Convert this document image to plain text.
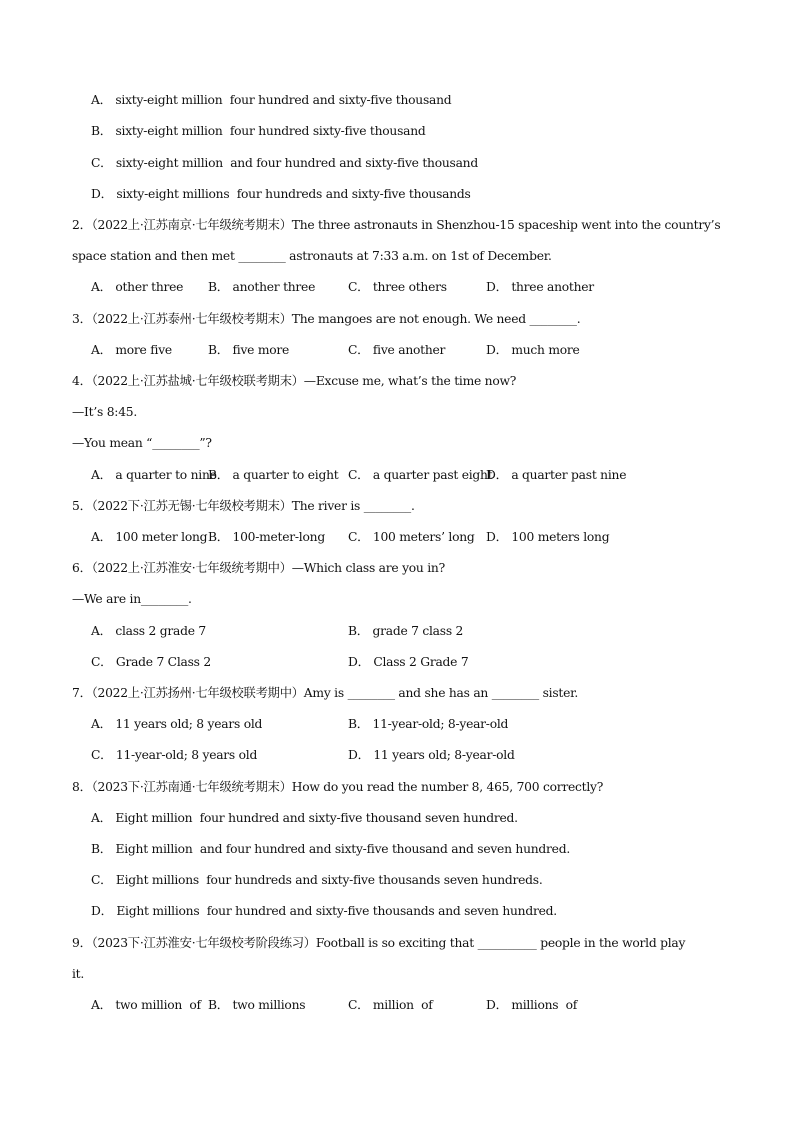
A． sixty-eight million  four hundred and sixty-five thousand
B． sixty-eight million  four hundred sixty-five thousand
C． sixty-eight million  and four hundred and sixty-five thousand
D． sixty-eight millions  four hundreds and sixty-five thousands
2．（2022上·江苏南京·七年级统考期末）The three astronauts in Shenzhou-15 spaceship went into the country’s
space station and then met ________ astronauts at 7:33 a.m. on 1st of December.
A． other three B． another three	C． three others	D． three another
3．（2022上·江苏泰州·七年级校考期末）The mangoes are not enough. We need ________.
A． more five	B． five more	C． five another	D． much more
4．（2022上·江苏盐城·七年级校联考期末）—Excuse me, what’s the time now?
—It’s 8:45.
—You mean “________”?
A． a quarter to nine
B． a quarter to eight C． a quarter past eight
D． a quarter past nine
5．（2022下·江苏无锡·七年级校考期末）The river is ________.
A． 100 meter long B． 100-meter-long C． 100 meters’ long D． 100 meters long
6．（2022上·江苏淮安·七年级统考期中）—Which class are you in?
—We are in________.
A． class 2 grade 7	B． grade 7 class 2
C． Grade 7 Class 2	D． Class 2 Grade 7
7．（2022上·江苏扬州·七年级校联考期中）Amy is ________ and she has an ________ sister.
A． 11 years old; 8 years old	B． 11-year-old; 8-year-old
C． 11-year-old; 8 years old	D． 11 years old; 8-year-old
8．（2023下·江苏南通·七年级统考期末）How do you read the number 8, 465, 700 correctly?
A． Eight million  four hundred and sixty-five thousand seven hundred.
B． Eight million  and four hundred and sixty-five thousand and seven hundred.
C． Eight millions  four hundreds and sixty-five thousands seven hundreds.
D． Eight millions  four hundred and sixty-five thousands and seven hundred.
9．（2023下·江苏淮安·七年级校考阶段练习）Football is so exciting that __________ people in the world play
it.
A． two million  of B． two millions	C． million  of	D． millions  of
